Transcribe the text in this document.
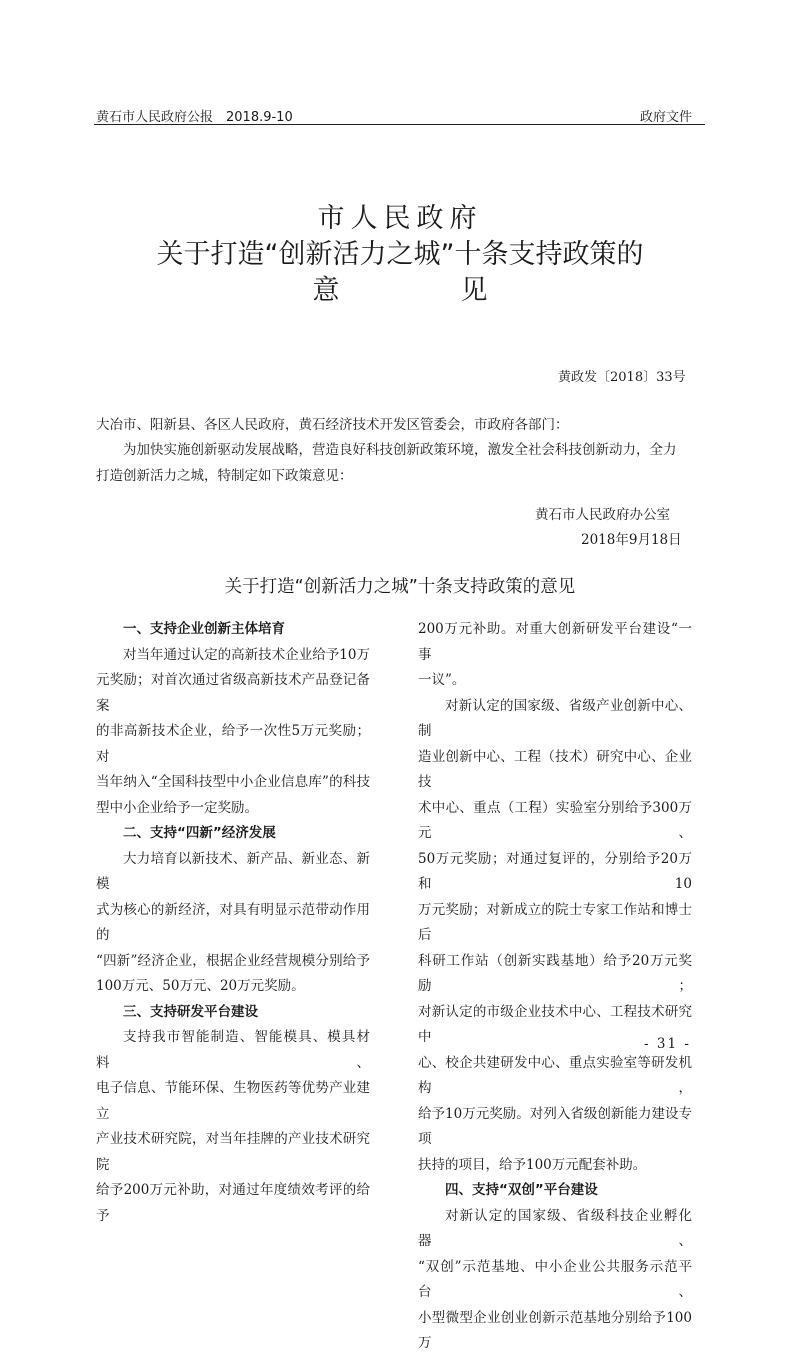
黄石市人民政府公报　2018.9-10	政府文件
市人民政府
关于打造“创新活力之城”十条支持政策的
意	见
黄政发〔2018〕33号
大冶市、阳新县、各区人民政府，黄石经济技术开发区管委会，市政府各部门：
为加快实施创新驱动发展战略，营造良好科技创新政策环境，激发全社会科技创新动力，全力
打造创新活力之城，特制定如下政策意见：
黄石市人民政府办公室
2018年9月18日
关于打造“创新活力之城”十条支持政策的意见
一、支持企业创新主体培育

对当年通过认定的高新技术企业给予10万

元奖励；对首次通过省级高新技术产品登记备案

的非高新技术企业，给予一次性5万元奖励；对

当年纳入“全国科技型中小企业信息库”的科技

型中小企业给予一定奖励。

二、支持“四新”经济发展

大力培育以新技术、新产品、新业态、新模

式为核心的新经济，对具有明显示范带动作用的

“四新”经济企业，根据企业经营规模分别给予

100万元、50万元、20万元奖励。

三、支持研发平台建设

支持我市智能制造、智能模具、模具材料、

电子信息、节能环保、生物医药等优势产业建立

产业技术研究院，对当年挂牌的产业技术研究院

给予200万元补助，对通过年度绩效考评的给予

200万元补助。对重大创新研发平台建设“一事

一议”。

对新认定的国家级、省级产业创新中心、制

造业创新中心、工程（技术）研究中心、企业技

术中心、重点（工程）实验室分别给予300万元、

50万元奖励；对通过复评的，分别给予20万和10

万元奖励；对新成立的院士专家工作站和博士后

科研工作站（创新实践基地）给予20万元奖励；

对新认定的市级企业技术中心、工程技术研究中

心、校企共建研发中心、重点实验室等研发机构，

给予10万元奖励。对列入省级创新能力建设专项

扶持的项目，给予100万元配套补助。

四、支持“双创”平台建设

对新认定的国家级、省级科技企业孵化器、

“双创”示范基地、中小企业公共服务示范平台、

小型微型企业创业创新示范基地分别给予100万

- 31 -
